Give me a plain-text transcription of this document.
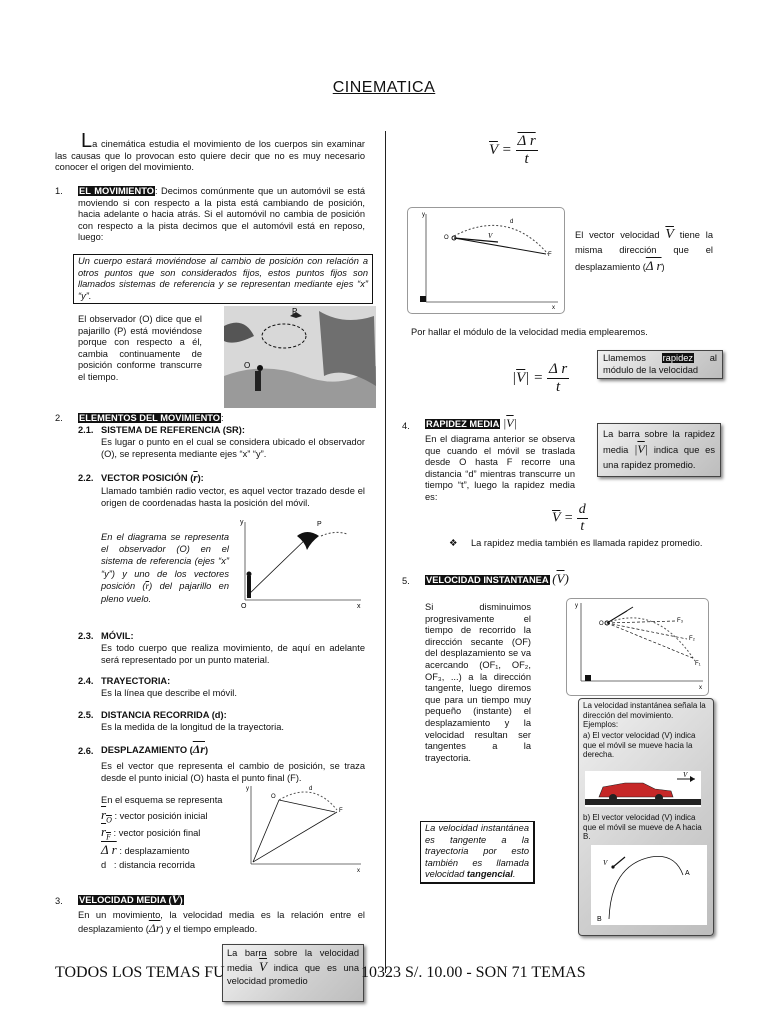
CINEMATICA
La cinemática estudia el movimiento de los cuerpos sin examinar las causas que lo provocan esto quiere decir que no es muy necesario conocer el origen del movimiento.
1. EL MOVIMIENTO: Decimos comúnmente que un automóvil se está moviendo si con respecto a la pista está cambiando de posición, hacia adelante o hacia atrás. Si el automóvil no cambia de posición con respecto a la pista decimos que el automóvil está en reposo, luego:
Un cuerpo estará moviéndose al cambio de posición con relación a otros puntos que son considerados fijos, estos puntos fijos son llamados sistemas de referencia y se representan mediante ejes “x” “y”.
El observador (O) dice que el pajarillo (P) está moviéndose porque con respecto a él, cambia continuamente de posición conforme transcurre el tiempo.
P
O
2. ELEMENTOS DEL MOVIMIENTO:
2.1. SISTEMA DE REFERENCIA (SR):
Es lugar o punto en el cual se considera ubicado el observador (O), se representa mediante ejes “x” “y”.
2.2. VECTOR POSICIÓN $(\overline{r})$:
Llamado también radio vector, es aquel vector trazado desde el origen de coordenadas hasta la posición del móvil.
En el diagrama se representa el observador (O) en el sistema de referencia (ejes “x” “y”) y uno de los vectores posición $(\overline{r})$ del pajarillo en pleno vuelo.
P
O	x
y
2.3. MÓVIL:
Es todo cuerpo que realiza movimiento, de aquí en adelante será representado por un punto material.
2.4. TRAYECTORIA:
Es la línea que describe el móvil.
2.5. DISTANCIA RECORRIDA (d):
Es la medida de la longitud de la trayectoria.
2.6. DESPLAZAMIENTO $(\overline{\Delta r})$
Es el vector que representa el cambio de posición, se traza desde el punto inicial (O) hasta el punto final (F).
En el esquema se representa
$r_O$ : vector posición inicial
$r_F$ : vector posición final
Δ r : desplazamiento
d   : distancia recorrida
O
F
d
x
y
3. VELOCIDAD MEDIA $(\overline{V})$
En un movimiento, la velocidad media es la relación entre el desplazamiento $(\overline{\Delta r})$ y el tiempo empleado.
La barra sobre la velocidad media $\overline{V}$ indica que es una velocidad promedio
TODOS LOS TEMAS FU	10323 S/. 10.00 - SON 71 TEMAS
$\overline{V} = \frac{\text{Δ r}}{t}$
O
F
d
V
x
y
El vector velocidad $\overline{V}$ tiene la misma dirección que el desplazamiento (Δ r)
Por hallar el módulo de la velocidad media emplearemos.
$|\overline{V}| = \frac{\text{Δ r}}{t}$
Llamemos rapidez al módulo de la velocidad
4. RAPIDEZ MEDIA $|\overline{V}|$
En el diagrama anterior se observa que cuando el móvil se traslada desde O hasta F recorre una distancia “d” mientras transcurre un tiempo “t”, luego la rapidez media es:
La barra sobre la rapidez media $|\overline{V}|$ indica que es una rapidez promedio.
$\overline{V} = \frac{d}{t}$
❖ La rapidez media también es llamada rapidez promedio.
5. VELOCIDAD INSTANTANEA $(\overline{V})$
Si disminuimos progresivamente el tiempo de recorrido la dirección secante (OF) del desplazamiento se va acercando (OF₁, OF₂, OF₃, ...) a la dirección tangente, luego diremos que para un tiempo muy pequeño (instante) el desplazamiento y la velocidad resultan ser tangentes a la trayectoria.
O	F₃
F₂
F₁
y
x
La velocidad instantánea es tangente a la trayectoria por esto también es llamada velocidad tangencial.
La velocidad instantánea señala la dirección del movimiento. Ejemplos:
a) El vector velocidad (V) indica que el móvil se mueve hacia la derecha.
V
b) El vector velocidad (V) indica que el móvil se mueve de A hacia B.
V
A
B
